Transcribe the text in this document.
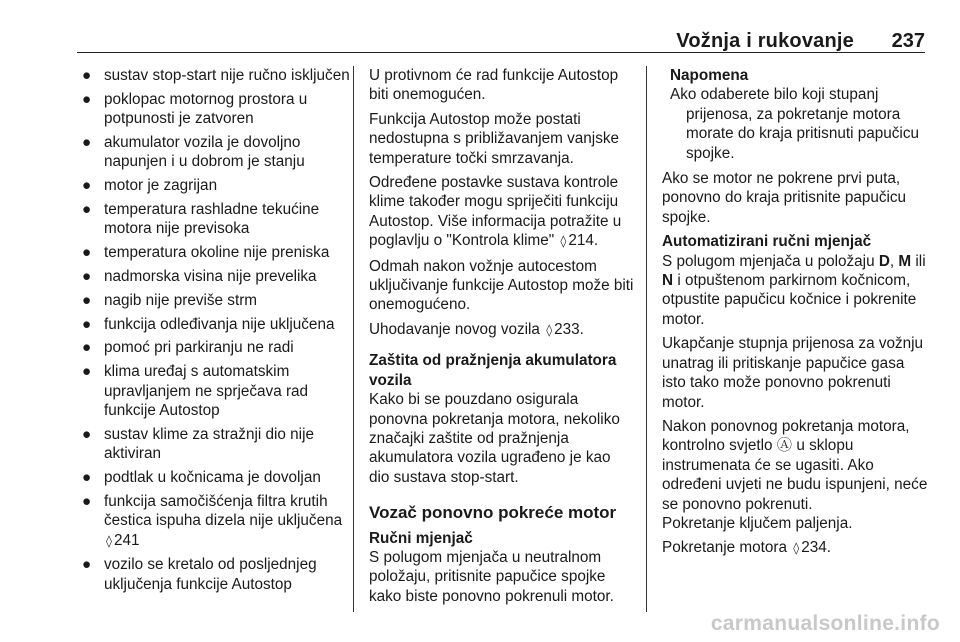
Vožnja i rukovanje 237
● sustav stop-start nije ručno isključen
● poklopac motornog prostora u potpunosti je zatvoren
● akumulator vozila je dovoljno napunjen i u dobrom je stanju
● motor je zagrijan
● temperatura rashladne tekućine motora nije previsoka
● temperatura okoline nije preniska
● nadmorska visina nije prevelika
● nagib nije previše strm
● funkcija odleđivanja nije uključena
● pomoć pri parkiranju ne radi
● klima uređaj s automatskim upravljanjem ne sprječava rad funkcije Autostop
● sustav klime za stražnji dio nije aktiviran
● podtlak u kočnicama je dovoljan
● funkcija samočišćenja filtra krutih čestica ispuha dizela nije uključena ◊ 241
● vozilo se kretalo od posljednjeg uključenja funkcije Autostop

U protivnom će rad funkcije Autostop biti onemogućen.

Funkcija Autostop može postati nedostupna s približavanjem vanjske temperature točki smrzavanja.

Određene postavke sustava kontrole klime također mogu spriječiti funkciju Autostop. Više informacija potražite u poglavlju o "Kontrola klime" ◊ 214.

Odmah nakon vožnje autocestom uključivanje funkcije Autostop može biti onemogućeno.

Uhodavanje novog vozila ◊ 233.

Zaštita od pražnjenja akumulatora vozila

Kako bi se pouzdano osigurala ponovna pokretanja motora, nekoliko značajki zaštite od pražnjenja akumulatora vozila ugrađeno je kao dio sustava stop-start.

Vozač ponovno pokreće motor

Ručni mjenjač

S polugom mjenjača u neutralnom položaju, pritisnite papučice spojke kako biste ponovno pokrenuli motor.

Napomena
Ako odaberete bilo koji stupanj
prijenosa, za pokretanje motora morate do kraja pritisnuti papučicu spojke.

Ako se motor ne pokrene prvi puta, ponovno do kraja pritisnite papučicu spojke.

Automatizirani ručni mjenjač

S polugom mjenjača u položaju D, M ili N i otpuštenom parkirnom kočnicom, otpustite papučicu kočnice i pokrenite motor.

Ukapčanje stupnja prijenosa za vožnju unatrag ili pritiskanje papučice gasa isto tako može ponovno pokrenuti motor.

Nakon ponovnog pokretanja motora, kontrolno svjetlo Ⓐ u sklopu instrumenata će se ugasiti. Ako određeni uvjeti ne budu ispunjeni, neće se ponovno pokrenuti.
Pokretanje ključem paljenja.

Pokretanje motora ◊ 234.

carmanualsonline.info
